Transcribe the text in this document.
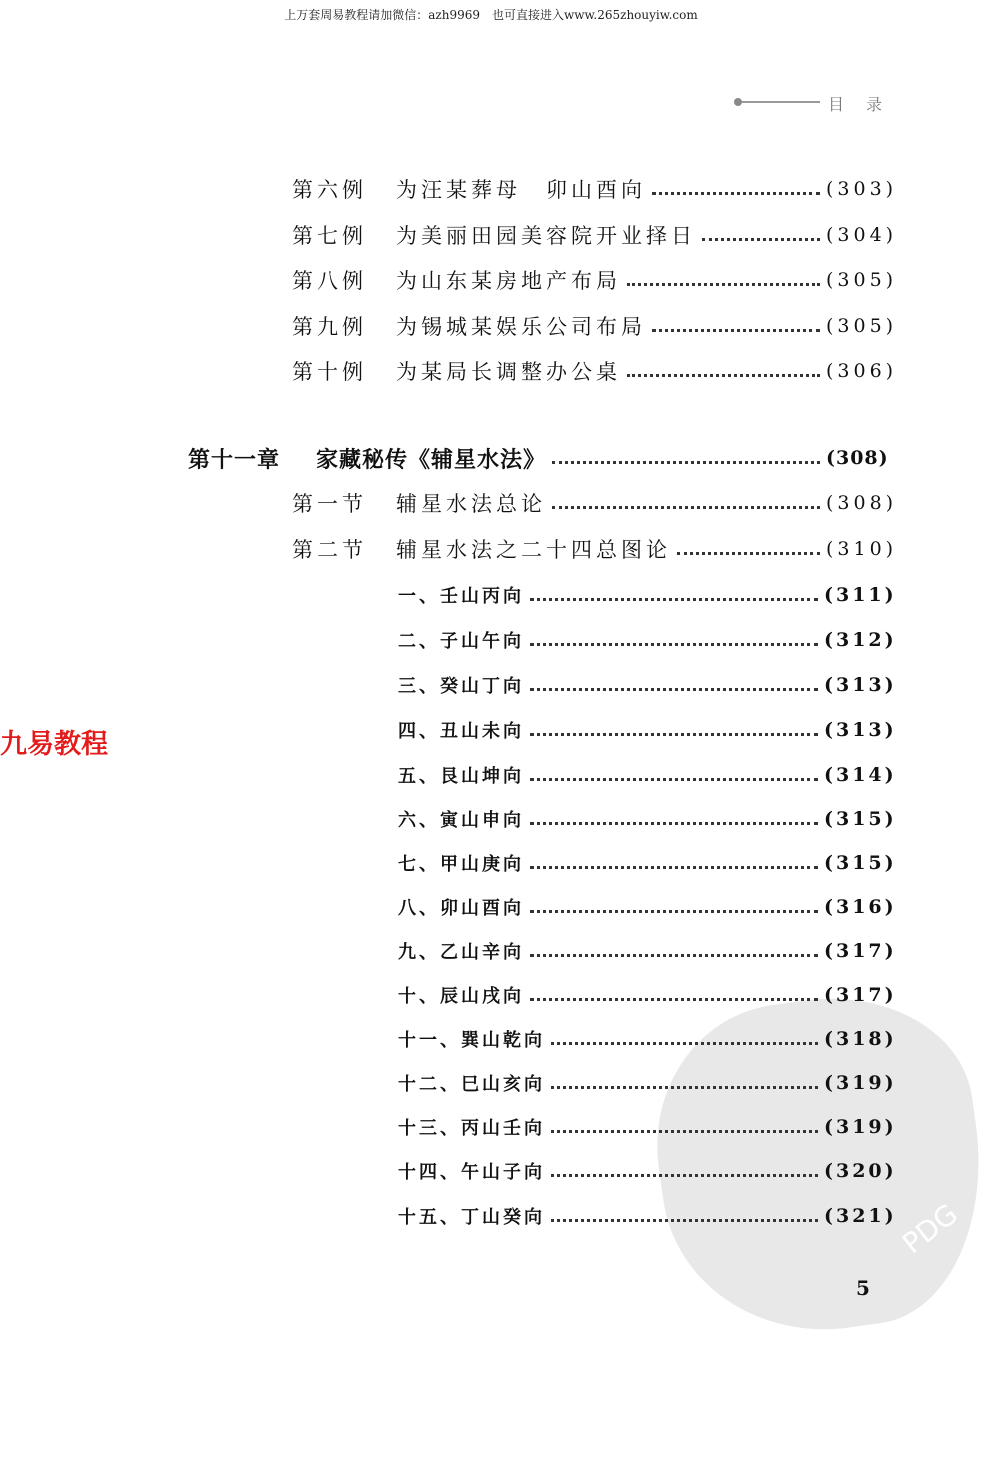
上万套周易教程请加微信：azh9969　也可直接进入www.265zhouyiw.com
目录
PDG
第六例 为汪某葬母　卯山酉向	(303)
第七例 为美丽田园美容院开业择日	(304)
第八例 为山东某房地产布局	(305)
第九例 为锡城某娱乐公司布局	(305)
第十例 为某局长调整办公桌	(306)
第十一章 家藏秘传《辅星水法》	(308)
第一节 辅星水法总论	(308)
第二节 辅星水法之二十四总图论	(310)
一、壬山丙向	(311)
二、子山午向	(312)
三、癸山丁向	(313)
四、丑山未向	(313)
五、艮山坤向	(314)
六、寅山申向	(315)
七、甲山庚向	(315)
八、卯山酉向	(316)
九、乙山辛向	(317)
十、辰山戌向	(317)
十一、巽山乾向	(318)
十二、巳山亥向	(319)
十三、丙山壬向	(319)
十四、午山子向	(320)
十五、丁山癸向	(321)
九易教程
5
